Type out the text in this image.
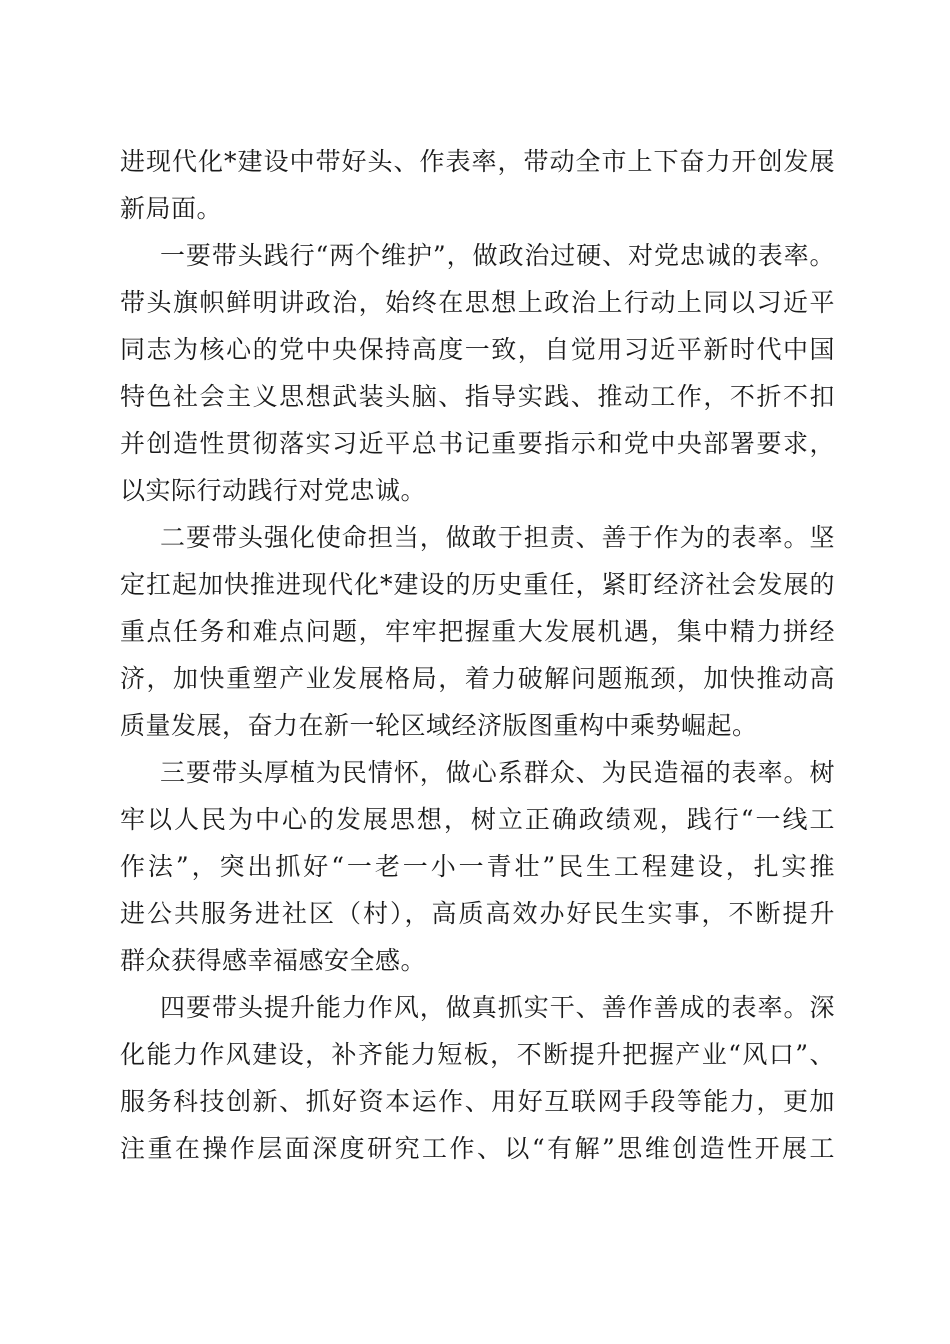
进现代化*建设中带好头、作表率，带动全市上下奋力开创发展
新局面。
一要带头践行“两个维护”，做政治过硬、对党忠诚的表率。
带头旗帜鲜明讲政治，始终在思想上政治上行动上同以习近平
同志为核心的党中央保持高度一致，自觉用习近平新时代中国
特色社会主义思想武装头脑、指导实践、推动工作，不折不扣
并创造性贯彻落实习近平总书记重要指示和党中央部署要求，
以实际行动践行对党忠诚。
二要带头强化使命担当，做敢于担责、善于作为的表率。坚
定扛起加快推进现代化*建设的历史重任，紧盯经济社会发展的
重点任务和难点问题，牢牢把握重大发展机遇，集中精力拼经
济，加快重塑产业发展格局，着力破解问题瓶颈，加快推动高
质量发展，奋力在新一轮区域经济版图重构中乘势崛起。
三要带头厚植为民情怀，做心系群众、为民造福的表率。树
牢以人民为中心的发展思想，树立正确政绩观，践行“一线工
作法”，突出抓好“一老一小一青壮”民生工程建设，扎实推
进公共服务进社区（村），高质高效办好民生实事，不断提升
群众获得感幸福感安全感。
四要带头提升能力作风，做真抓实干、善作善成的表率。深
化能力作风建设，补齐能力短板，不断提升把握产业“风口”、
服务科技创新、抓好资本运作、用好互联网手段等能力，更加
注重在操作层面深度研究工作、以“有解”思维创造性开展工
